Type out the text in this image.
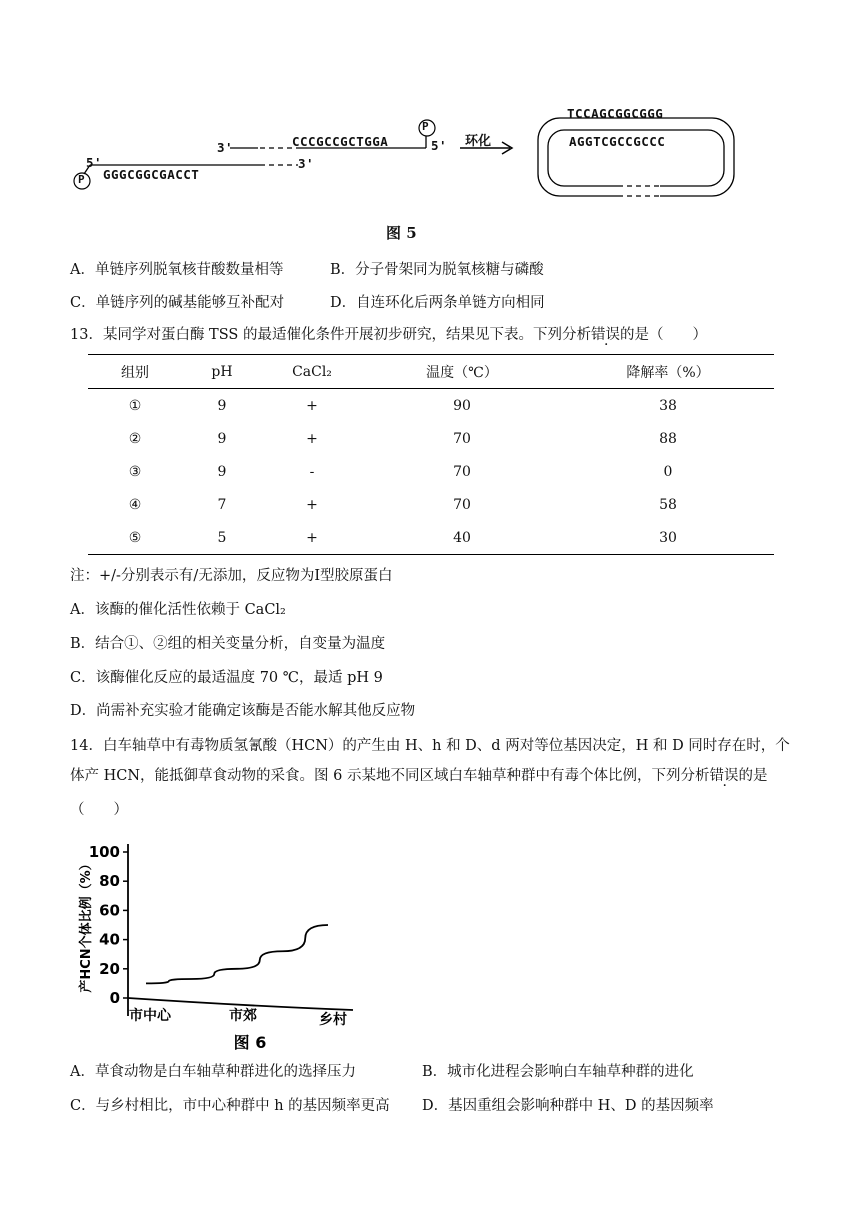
3'	CCCGCCGCTGGA
P
5'
3'
5'
P GGGCGGCGACCT
环化
TCCAGCGGCGGG
AGGTCGCCGCCC
图 5
A．单链序列脱氧核苷酸数量相等	B．分子骨架同为脱氧核糖与磷酸
C．单链序列的碱基能够互补配对	D．自连环化后两条单链方向相同
13．某同学对蛋白酶 TSS 的最适催化条件开展初步研究，结果见下表。下列分析错误的是（　　）
组别	pH	CaCl₂	温度（℃）	降解率（%）
①	9	+	90	38
②	9	+	70	88
③	9	-	70	0
④	7	+	70	58
⑤	5	+	40	30
注：+/-分别表示有/无添加，反应物为Ⅰ型胶原蛋白
A．该酶的催化活性依赖于 CaCl₂
B．结合①、②组的相关变量分析，自变量为温度
C．该酶催化反应的最适温度 70 ℃，最适 pH 9
D．尚需补充实验才能确定该酶是否能水解其他反应物
14．白车轴草中有毒物质氢氰酸（HCN）的产生由 H、h 和 D、d 两对等位基因决定，H 和 D 同时存在时，个
体产 HCN，能抵御草食动物的采食。图 6 示某地不同区域白车轴草种群中有毒个体比例，下列分析错误的是
（　　）
0
20
40
60
80
100
产HCN个体比例（%）
市中心	市郊	乡村
图 6
A．草食动物是白车轴草种群进化的选择压力	B．城市化进程会影响白车轴草种群的进化
C．与乡村相比，市中心种群中 h 的基因频率更高 D．基因重组会影响种群中 H、D 的基因频率
